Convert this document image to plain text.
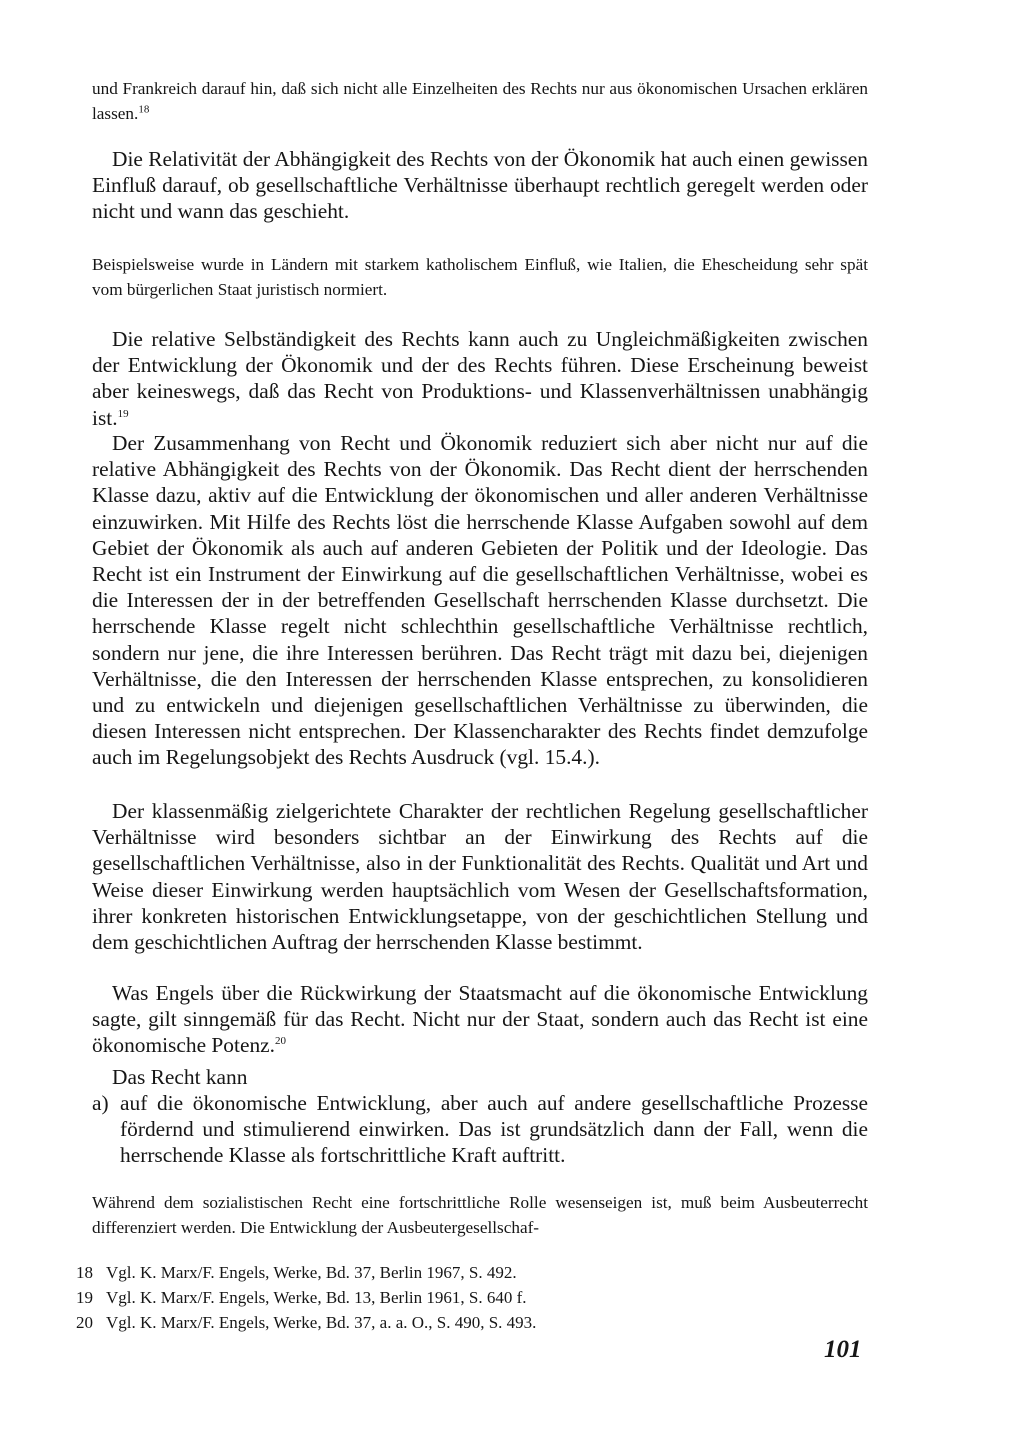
und Frankreich darauf hin, daß sich nicht alle Einzelheiten des Rechts nur aus ökonomischen Ursachen erklären lassen.$^{18}$

Die Relativität der Abhängigkeit des Rechts von der Ökonomik hat auch einen gewissen Einfluß darauf, ob gesellschaftliche Verhältnisse überhaupt rechtlich geregelt werden oder nicht und wann das geschieht.

Beispielsweise wurde in Ländern mit starkem katholischem Einfluß, wie Italien, die Ehescheidung sehr spät vom bürgerlichen Staat juristisch normiert.

Die relative Selbständigkeit des Rechts kann auch zu Ungleichmäßigkeiten zwischen der Entwicklung der Ökonomik und der des Rechts führen. Diese Erscheinung beweist aber keineswegs, daß das Recht von Produktions- und Klassenverhältnissen unabhängig ist.$^{19}$

Der Zusammenhang von Recht und Ökonomik reduziert sich aber nicht nur auf die relative Abhängigkeit des Rechts von der Ökonomik. Das Recht dient der herrschenden Klasse dazu, aktiv auf die Entwicklung der ökonomischen und aller anderen Verhältnisse einzuwirken. Mit Hilfe des Rechts löst die herrschende Klasse Aufgaben sowohl auf dem Gebiet der Ökonomik als auch auf anderen Gebieten der Politik und der Ideologie. Das Recht ist ein Instrument der Einwirkung auf die gesellschaftlichen Verhältnisse, wobei es die Interessen der in der betreffenden Gesellschaft herrschenden Klasse durchsetzt. Die herrschende Klasse regelt nicht schlechthin gesellschaftliche Verhältnisse rechtlich, sondern nur jene, die ihre Interessen berühren. Das Recht trägt mit dazu bei, diejenigen Verhältnisse, die den Interessen der herrschenden Klasse entsprechen, zu konsolidieren und zu entwickeln und diejenigen gesellschaftlichen Verhältnisse zu überwinden, die diesen Interessen nicht entsprechen. Der Klassencharakter des Rechts findet demzufolge auch im Regelungsobjekt des Rechts Ausdruck (vgl. 15.4.).

Der klassenmäßig zielgerichtete Charakter der rechtlichen Regelung gesellschaftlicher Verhältnisse wird besonders sichtbar an der Einwirkung des Rechts auf die gesellschaftlichen Verhältnisse, also in der Funktionalität des Rechts. Qualität und Art und Weise dieser Einwirkung werden hauptsächlich vom Wesen der Gesellschaftsformation, ihrer konkreten historischen Entwicklungsetappe, von der geschichtlichen Stellung und dem geschichtlichen Auftrag der herrschenden Klasse bestimmt.

Was Engels über die Rückwirkung der Staatsmacht auf die ökonomische Entwicklung sagte, gilt sinngemäß für das Recht. Nicht nur der Staat, sondern auch das Recht ist eine ökonomische Potenz.$^{20}$

Das Recht kann

a) auf die ökonomische Entwicklung, aber auch auf andere gesellschaftliche Prozesse fördernd und stimulierend einwirken. Das ist grundsätzlich dann der Fall, wenn die herrschende Klasse als fortschrittliche Kraft auftritt.

Während dem sozialistischen Recht eine fortschrittliche Rolle wesenseigen ist, muß beim Ausbeuterrecht differenziert werden. Die Entwicklung der Ausbeutergesellschaf-

18 Vgl. K. Marx/F. Engels, Werke, Bd. 37, Berlin 1967, S. 492.
19 Vgl. K. Marx/F. Engels, Werke, Bd. 13, Berlin 1961, S. 640 f.
20 Vgl. K. Marx/F. Engels, Werke, Bd. 37, a. a. O., S. 490, S. 493.
101
